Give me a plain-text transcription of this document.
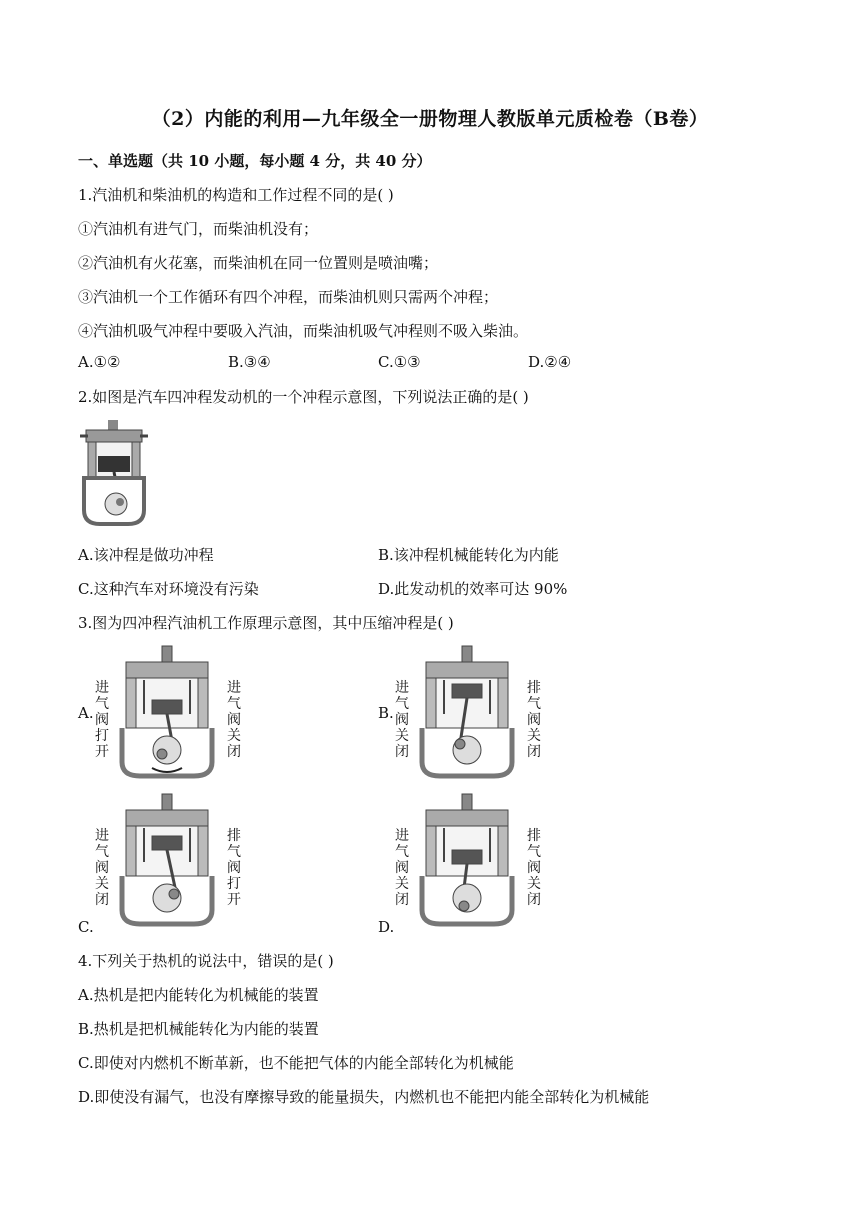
（2）内能的利用—九年级全一册物理人教版单元质检卷（B卷）
一、单选题（共 10 小题，每小题 4 分，共 40 分）
1.汽油机和柴油机的构造和工作过程不同的是( )
①汽油机有进气门，而柴油机没有；
②汽油机有火花塞，而柴油机在同一位置则是喷油嘴；
③汽油机一个工作循环有四个冲程，而柴油机则只需两个冲程；
④汽油机吸气冲程中要吸入汽油，而柴油机吸气冲程则不吸入柴油。
A.①②	B.③④	C.①③	D.②④
2.如图是汽车四冲程发动机的一个冲程示意图，下列说法正确的是( )
A.该冲程是做功冲程	B.该冲程机械能转化为内能
C.这种汽车对环境没有污染	D.此发动机的效率可达 90%
3.图为四冲程汽油机工作原理示意图，其中压缩冲程是( )
A.
进气阀打开
进气阀关闭
B.
进气阀关闭
排气阀关闭
C.
进气阀关闭
排气阀打开
D.
进气阀关闭
排气阀关闭
4.下列关于热机的说法中，错误的是( )
A.热机是把内能转化为机械能的装置
B.热机是把机械能转化为内能的装置
C.即使对内燃机不断革新，也不能把气体的内能全部转化为机械能
D.即使没有漏气，也没有摩擦导致的能量损失，内燃机也不能把内能全部转化为机械能
